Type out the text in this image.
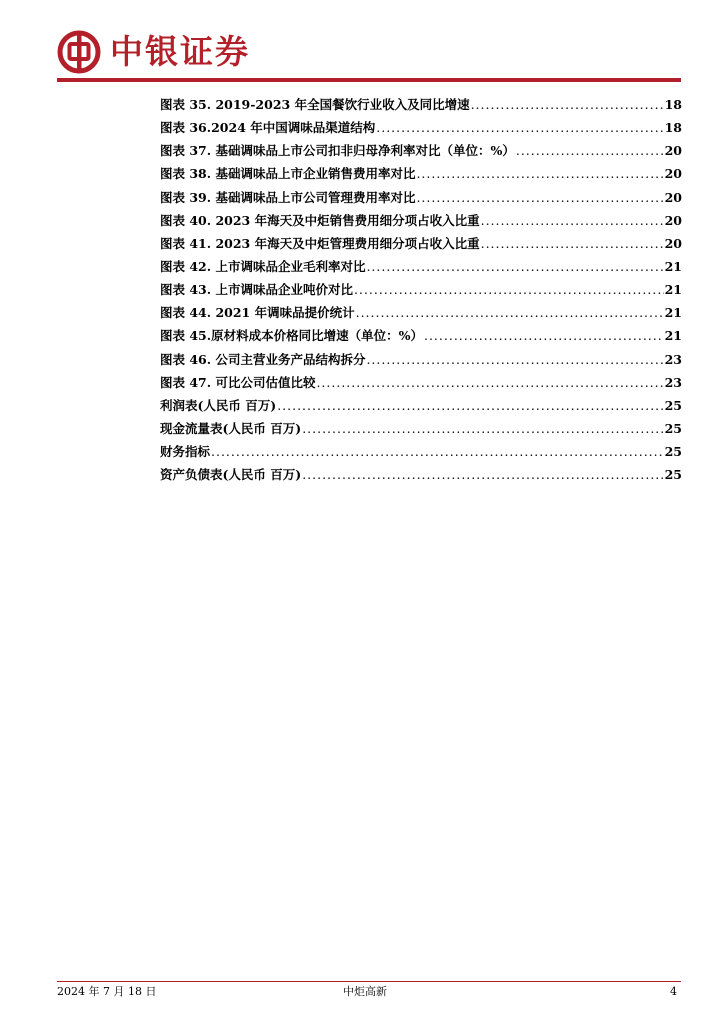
中银证券
图表 35. 2019-2023 年全国餐饮行业收入及同比增速 .....	18
图表 36.2024 年中国调味品渠道结构 .....	18
图表 37. 基础调味品上市公司扣非归母净利率对比（单位：%） .....	20
图表 38. 基础调味品上市企业销售费用率对比 .....	20
图表 39. 基础调味品上市公司管理费用率对比 .....	20
图表 40. 2023 年海天及中炬销售费用细分项占收入比重 .....	20
图表 41. 2023 年海天及中炬管理费用细分项占收入比重 .....	20
图表 42. 上市调味品企业毛利率对比 .....	21
图表 43. 上市调味品企业吨价对比 .....	21
图表 44. 2021 年调味品提价统计 .....	21
图表 45.原材料成本价格同比增速（单位：%） .....	21
图表 46. 公司主营业务产品结构拆分 .....	23
图表 47. 可比公司估值比较 .....	23
利润表(人民币 百万) .....	25
现金流量表(人民币 百万) .....	25
财务指标 .....	25
资产负债表(人民币 百万) .....	25
2024 年 7 月 18 日	中炬高新	4
